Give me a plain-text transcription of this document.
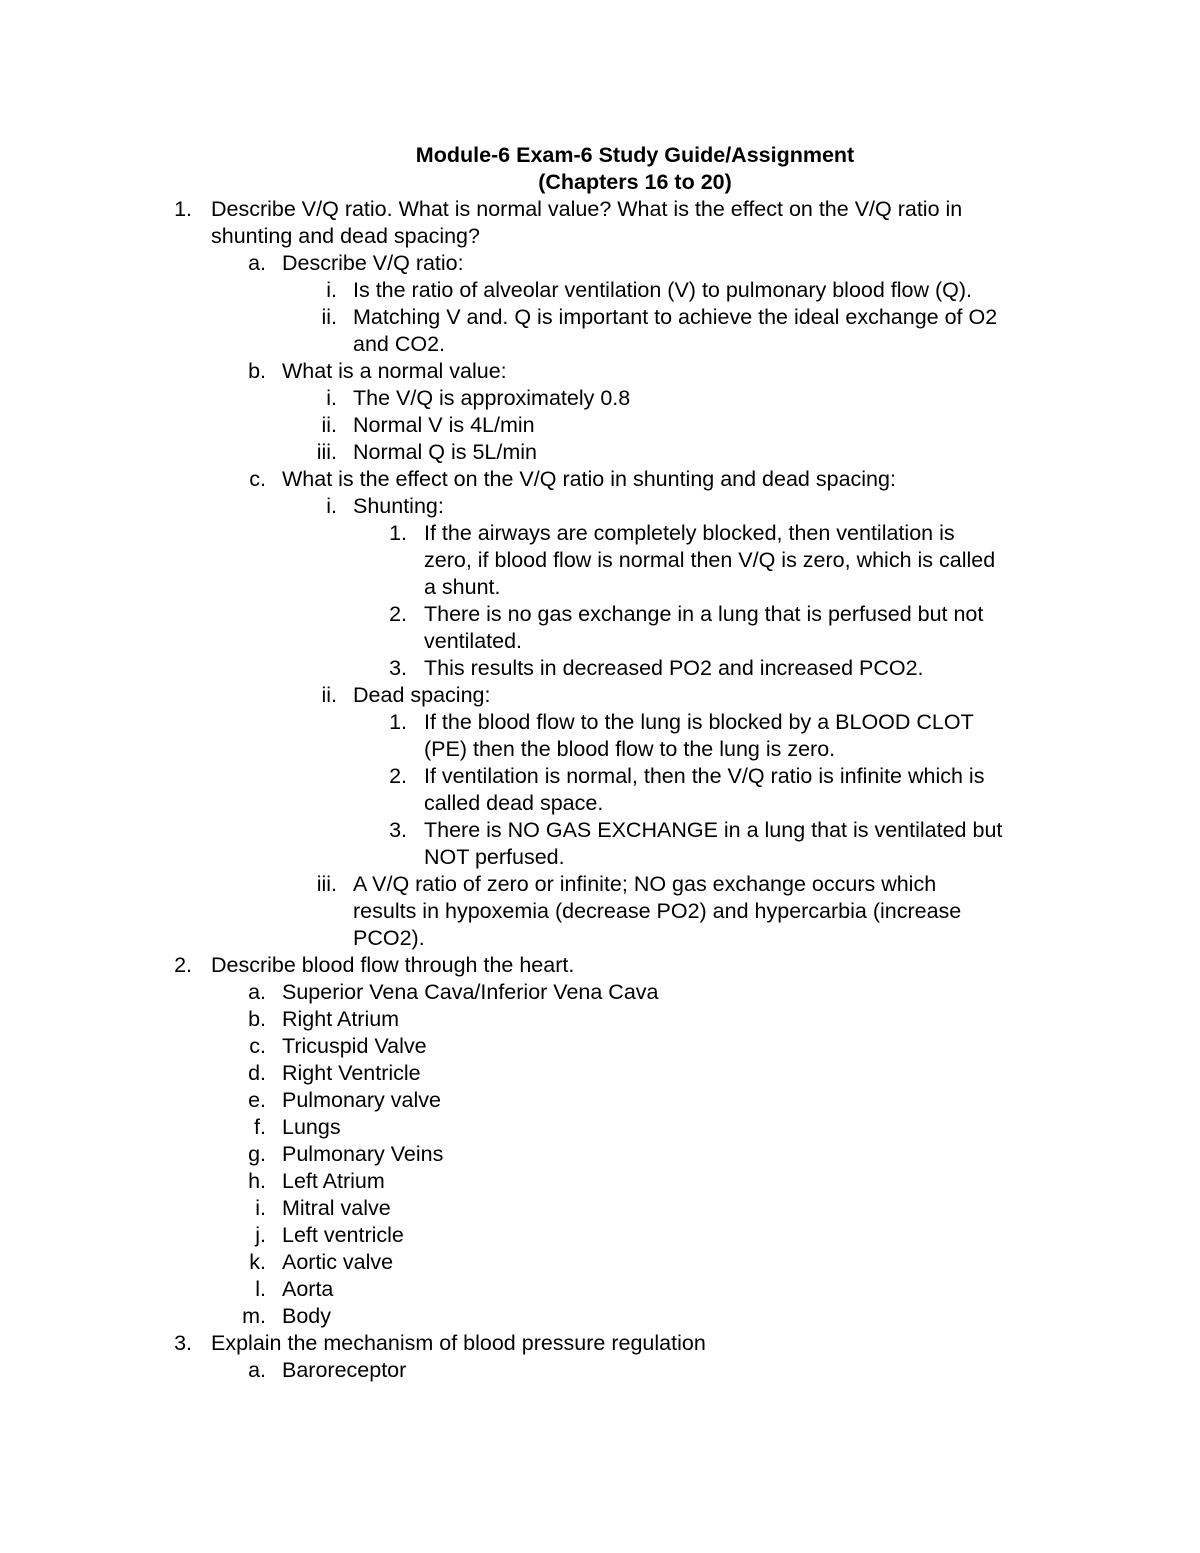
Module-6 Exam-6 Study Guide/Assignment
(Chapters 16 to 20)
1. Describe V/Q ratio. What is normal value? What is the effect on the V/Q ratio in
shunting and dead spacing?
a. Describe V/Q ratio:
i. Is the ratio of alveolar ventilation (V) to pulmonary blood flow (Q).
ii. Matching V and. Q is important to achieve the ideal exchange of O2
and CO2.
b. What is a normal value:
i. The V/Q is approximately 0.8
ii. Normal V is 4L/min
iii. Normal Q is 5L/min
c. What is the effect on the V/Q ratio in shunting and dead spacing:
i. Shunting:
1. If the airways are completely blocked, then ventilation is
zero, if blood flow is normal then V/Q is zero, which is called
a shunt.
2. There is no gas exchange in a lung that is perfused but not
ventilated.
3. This results in decreased PO2 and increased PCO2.
ii. Dead spacing:
1. If the blood flow to the lung is blocked by a BLOOD CLOT
(PE) then the blood flow to the lung is zero.
2. If ventilation is normal, then the V/Q ratio is infinite which is
called dead space.
3. There is NO GAS EXCHANGE in a lung that is ventilated but
NOT perfused.
iii. A V/Q ratio of zero or infinite; NO gas exchange occurs which
results in hypoxemia (decrease PO2) and hypercarbia (increase
PCO2).
2. Describe blood flow through the heart.
a. Superior Vena Cava/Inferior Vena Cava
b. Right Atrium
c. Tricuspid Valve
d. Right Ventricle
e. Pulmonary valve
f. Lungs
g. Pulmonary Veins
h. Left Atrium
i. Mitral valve
j. Left ventricle
k. Aortic valve
l. Aorta
m. Body
3. Explain the mechanism of blood pressure regulation
a. Baroreceptor
